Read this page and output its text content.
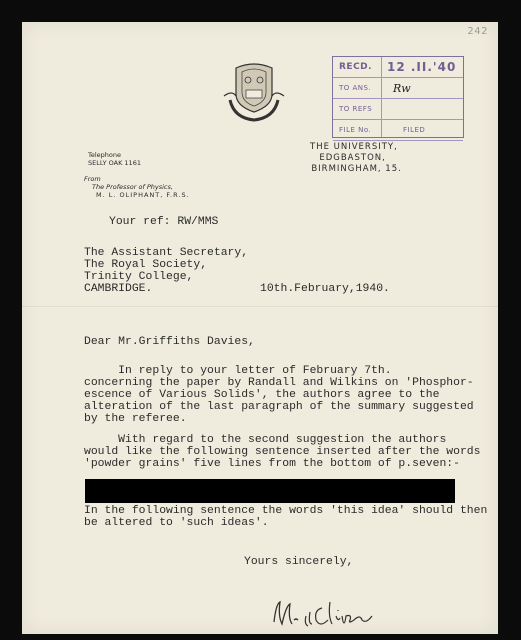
242
RECD. 12 .II.'40
TO ANS. Rw
TO REFS
FILE No.	FILED
Telephone
SELLY OAK 1161
From
The Professor of Physics,
M. L. OLIPHANT, F.R.S.
THE UNIVERSITY,
EDGBASTON,
BIRMINGHAM, 15.
Your ref: RW/MMS
The Assistant Secretary,
The Royal Society,
Trinity College,
CAMBRIDGE.	10th.February,1940.
Dear Mr.Griffiths Davies,
In reply to your letter of February 7th.
concerning the paper by Randall and Wilkins on 'Phosphor-
escence of Various Solids', the authors agree to the
alteration of the last paragraph of the summary suggested
by the referee.
With regard to the second suggestion the authors
would like the following sentence inserted after the words
'powder grains' five lines from the bottom of p.seven:-
In the following sentence the words 'this idea' should then
be altered to 'such ideas'.
Yours sincerely,
